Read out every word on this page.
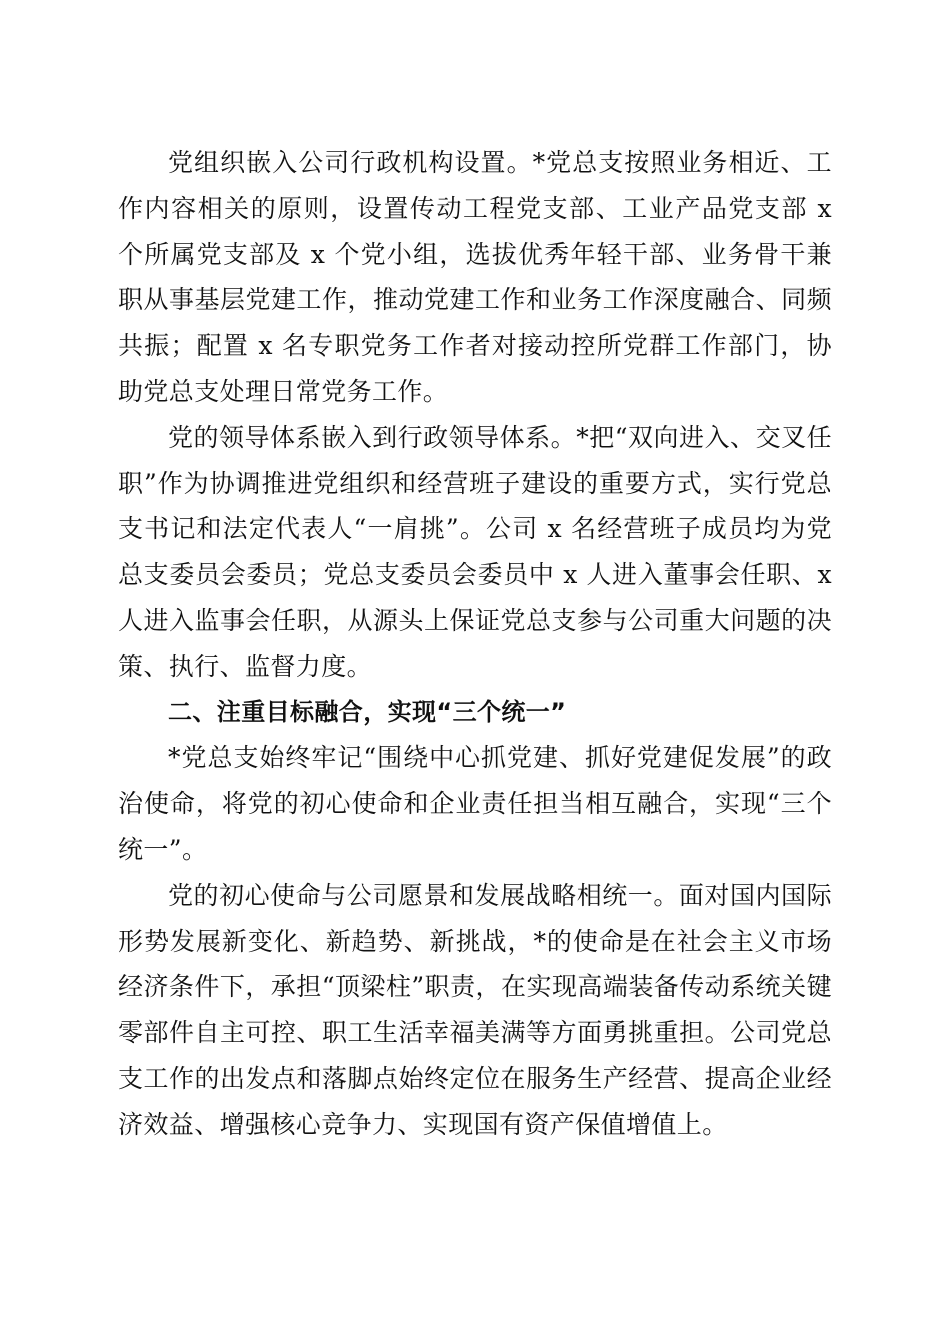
党组织嵌入公司行政机构设置。*党总支按照业务相近、工作内容相关的原则，设置传动工程党支部、工业产品党支部 x 个所属党支部及 x 个党小组，选拔优秀年轻干部、业务骨干兼职从事基层党建工作，推动党建工作和业务工作深度融合、同频共振；配置 x 名专职党务工作者对接动控所党群工作部门，协助党总支处理日常党务工作。

党的领导体系嵌入到行政领导体系。*把“双向进入、交叉任职”作为协调推进党组织和经营班子建设的重要方式，实行党总支书记和法定代表人“一肩挑”。公司 x 名经营班子成员均为党总支委员会委员；党总支委员会委员中 x 人进入董事会任职、x 人进入监事会任职，从源头上保证党总支参与公司重大问题的决策、执行、监督力度。

二、注重目标融合，实现“三个统一”

*党总支始终牢记“围绕中心抓党建、抓好党建促发展”的政治使命，将党的初心使命和企业责任担当相互融合，实现“三个统一”。

党的初心使命与公司愿景和发展战略相统一。面对国内国际形势发展新变化、新趋势、新挑战，*的使命是在社会主义市场经济条件下，承担“顶梁柱”职责，在实现高端装备传动系统关键零部件自主可控、职工生活幸福美满等方面勇挑重担。公司党总支工作的出发点和落脚点始终定位在服务生产经营、提高企业经济效益、增强核心竞争力、实现国有资产保值增值上。
